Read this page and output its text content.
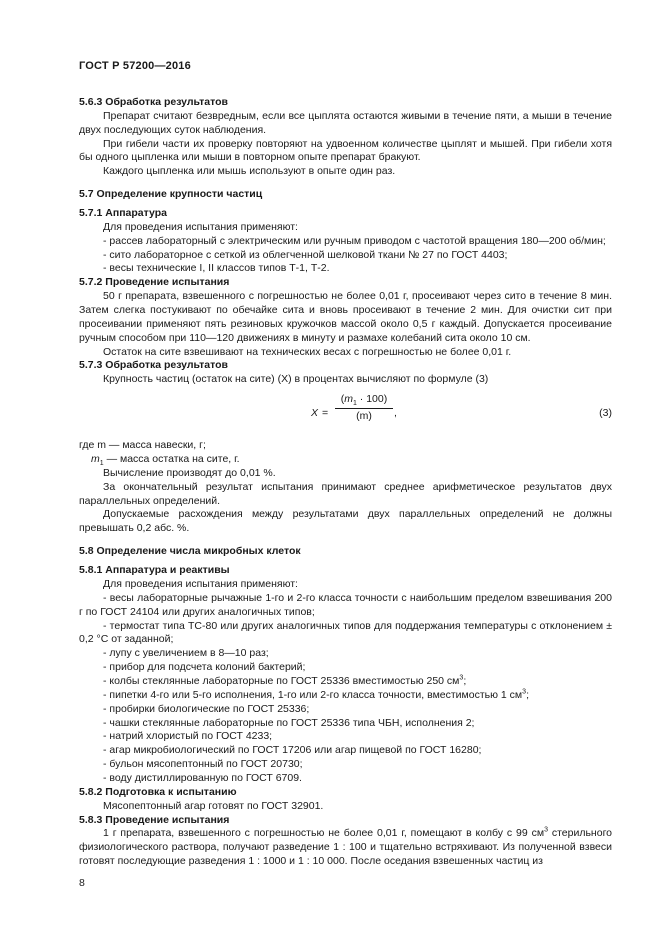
ГОСТ Р 57200—2016

5.6.3 Обработка результатов

Препарат считают безвредным, если все цыплята остаются живыми в течение пяти, а мыши в течение двух последующих суток наблюдения.

При гибели части их проверку повторяют на удвоенном количестве цыплят и мышей. При гибели хотя бы одного цыпленка или мыши в повторном опыте препарат бракуют.

Каждого цыпленка или мышь используют в опыте один раз.

5.7 Определение крупности частиц

5.7.1 Аппаратура

Для проведения испытания применяют:

- рассев лабораторный с электрическим или ручным приводом с частотой вращения 180—200 об/мин;

- сито лабораторное с сеткой из облегченной шелковой ткани № 27 по ГОСТ 4403;

- весы технические I, II классов типов Т-1, Т-2.

5.7.2 Проведение испытания

50 г препарата, взвешенного с погрешностью не более 0,01 г, просеивают через сито в течение 8 мин. Затем слегка постукивают по обечайке сита и вновь просеивают в течение 2 мин. Для очистки сит при просеивании применяют пять резиновых кружочков массой около 0,5 г каждый. Допускается просеивание ручным способом при 110—120 движениях в минуту и размахе колебаний сита около 10 см.

Остаток на сите взвешивают на технических весах с погрешностью не более 0,01 г.

5.7.3 Обработка результатов

Крупность частиц (остаток на сите) (X) в процентах вычисляют по формуле (3)

X =
$(m_1 \cdot 100)$
(m)	,	(3)

где m — масса навески, г;

$m_1$ — масса остатка на сите, г.

Вычисление производят до 0,01 %.

За окончательный результат испытания принимают среднее арифметическое результатов двух параллельных определений.

Допускаемые расхождения между результатами двух параллельных определений не должны превышать 0,2 абс. %.

5.8 Определение числа микробных клеток

5.8.1 Аппаратура и реактивы

Для проведения испытания применяют:

- весы лабораторные рычажные 1-го и 2-го класса точности с наибольшим пределом взвешивания 200 г по ГОСТ 24104 или других аналогичных типов;

- термостат типа ТС-80 или других аналогичных типов для поддержания температуры с отклонением ± 0,2 °С от заданной;

- лупу с увеличением в 8—10 раз;

- прибор для подсчета колоний бактерий;

- колбы стеклянные лабораторные по ГОСТ 25336 вместимостью 250 $см^3$;

- пипетки 4-го или 5-го исполнения, 1-го или 2-го класса точности, вместимостью 1 $см^3$;

- пробирки биологические по ГОСТ 25336;

- чашки стеклянные лабораторные по ГОСТ 25336 типа ЧБН, исполнения 2;

- натрий хлористый по ГОСТ 4233;

- агар микробиологический по ГОСТ 17206 или агар пищевой по ГОСТ 16280;

- бульон мясопептонный по ГОСТ 20730;

- воду дистиллированную по ГОСТ 6709.

5.8.2 Подготовка к испытанию

Мясопептонный агар готовят по ГОСТ 32901.

5.8.3 Проведение испытания

1 г препарата, взвешенного с погрешностью не более 0,01 г, помещают в колбу с 99 $см^3$ стерильного физиологического раствора, получают разведение 1 : 100 и тщательно встряхивают. Из полученной взвеси готовят последующие разведения 1 : 1000 и 1 : 10 000. После оседания взвешенных частиц из

8
